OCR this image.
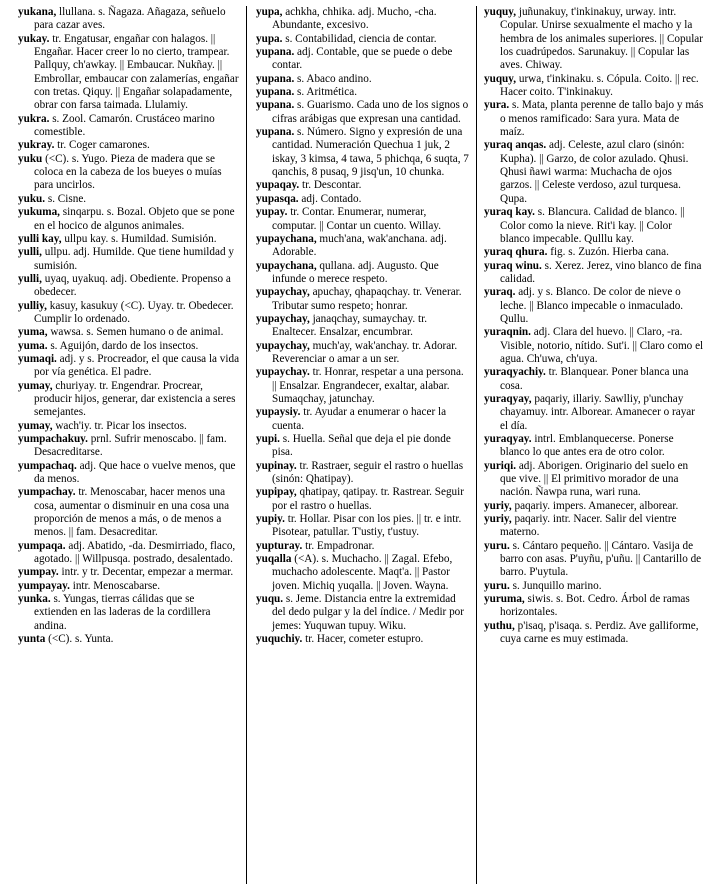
yukana, llullana. s. Ñagaza. Añagaza, señuelo para cazar aves.

yukay. tr. Engatusar, engañar con halagos. || Engañar. Hacer creer lo no cierto, trampear. Pallquy, ch'awkay. || Embaucar. Nukñay. || Embrollar, embaucar con zalamerías, engañar con tretas. Qiquy. || Engañar solapadamente, obrar con farsa taimada. Llulamiy.

yukra. s. Zool. Camarón. Crustáceo marino comestible.

yukray. tr. Coger camarones.

yuku (<C). s. Yugo. Pieza de madera que se coloca en la cabeza de los bueyes o muías para uncirlos.

yuku. s. Cisne.

yukuma, sinqarpu. s. Bozal. Objeto que se pone en el hocico de algunos animales.

yulli kay, ullpu kay. s. Humildad. Sumisión.

yulli, ullpu. adj. Humilde. Que tiene humildad y sumisión.

yulli, uyaq, uyakuq. adj. Obediente. Propenso a obedecer.

yulliy, kasuy, kasukuy (<C). Uyay. tr. Obedecer. Cumplir lo ordenado.

yuma, wawsa. s. Semen humano o de animal.

yuma. s. Aguijón, dardo de los insectos.

yumaqi. adj. y s. Procreador, el que causa la vida por vía genética. El padre.

yumay, churiyay. tr. Engendrar. Procrear, producir hijos, generar, dar existencia a seres semejantes.

yumay, wach'iy. tr. Picar los insectos.

yumpachakuy. prnl. Sufrir menoscabo. || fam. Desacreditarse.

yumpachaq. adj. Que hace o vuelve menos, que da menos.

yumpachay. tr. Menoscabar, hacer menos una cosa, aumentar o disminuir en una cosa una proporción de menos a más, o de menos a menos. || fam. Desacreditar.

yumpaqa. adj. Abatido, -da. Desmirriado, flaco, agotado. || Willpusqa. postrado, desalentado.

yumpay. intr. y tr. Decentar, empezar a mermar.

yumpayay. intr. Menoscabarse.

yunka. s. Yungas, tierras cálidas que se extienden en las laderas de la cordillera andina.

yunta (<C). s. Yunta.

yupa, achkha, chhika. adj. Mucho, -cha. Abundante, excesivo.

yupa. s. Contabilidad, ciencia de contar.

yupana. adj. Contable, que se puede o debe contar.

yupana. s. Abaco andino.

yupana. s. Aritmética.

yupana. s. Guarismo. Cada uno de los signos o cifras arábigas que expresan una cantidad.

yupana. s. Número. Signo y expresión de una cantidad. Numeración Quechua 1 juk, 2 iskay, 3 kimsa, 4 tawa, 5 phichqa, 6 suqta, 7 qanchis, 8 pusaq, 9 jisq'un, 10 chunka.

yupaqay. tr. Descontar.

yupasqa. adj. Contado.

yupay. tr. Contar. Enumerar, numerar, computar. || Contar un cuento. Willay.

yupaychana, much'ana, wak'anchana. adj. Adorable.

yupaychana, qullana. adj. Augusto. Que infunde o merece respeto.

yupaychay, apuchay, qhapaqchay. tr. Venerar. Tributar sumo respeto; honrar.

yupaychay, janaqchay, sumaychay. tr. Enaltecer. Ensalzar, encumbrar.

yupaychay, much'ay, wak'anchay. tr. Adorar. Reverenciar o amar a un ser.

yupaychay. tr. Honrar, respetar a una persona. || Ensalzar. Engrandecer, exaltar, alabar. Sumaqchay, jatunchay.

yupaysiy. tr. Ayudar a enumerar o hacer la cuenta.

yupi. s. Huella. Señal que deja el pie donde pisa.

yupinay. tr. Rastraer, seguir el rastro o huellas (sinón: Qhatipay).

yupipay, qhatipay, qatipay. tr. Rastrear. Seguir por el rastro o huellas.

yupiy. tr. Hollar. Pisar con los pies. || tr. e intr. Pisotear, patullar. T'ustiy, t'ustuy.

yupturay. tr. Empadronar.

yuqalla (<A). s. Muchacho. || Zagal. Efebo, muchacho adolescente. Maqt'a. || Pastor joven. Michiq yuqalla. || Joven. Wayna.

yuqu. s. Jeme. Distancia entre la extremidad del dedo pulgar y la del índice. / Medir por jemes: Yuquwan tupuy. Wiku.

yuquchiy. tr. Hacer, cometer estupro.

yuquy, juñunakuy, t'inkinakuy, urway. intr. Copular. Unirse sexualmente el macho y la hembra de los animales superiores. || Copular los cuadrúpedos. Sarunakuy. || Copular las aves. Chiway.

yuquy, urwa, t'inkinaku. s. Cópula. Coito. || rec. Hacer coito. T'inkinakuy.

yura. s. Mata, planta perenne de tallo bajo y más o menos ramificado: Sara yura. Mata de maíz.

yuraq anqas. adj. Celeste, azul claro (sinón: Kupha). || Garzo, de color azulado. Qhusi. Qhusi ñawi warma: Muchacha de ojos garzos. || Celeste verdoso, azul turquesa. Qupa.

yuraq kay. s. Blancura. Calidad de blanco. || Color como la nieve. Rit'i kay. || Color blanco impecable. Qulllu kay.

yuraq qhura. fig. s. Zuzón. Hierba cana.

yuraq winu. s. Xerez. Jerez, vino blanco de fina calidad.

yuraq. adj. y s. Blanco. De color de nieve o leche. || Blanco impecable o inmaculado. Qullu.

yuraqnin. adj. Clara del huevo. || Claro, -ra. Visible, notorio, nítido. Sut'i. || Claro como el agua. Ch'uwa, ch'uya.

yuraqyachiy. tr. Blanquear. Poner blanca una cosa.

yuraqyay, paqariy, illariy. Sawlliy, p'unchay chayamuy. intr. Alborear. Amanecer o rayar el día.

yuraqyay. intrl. Emblanquecerse. Ponerse blanco lo que antes era de otro color.

yuriqi. adj. Aborigen. Originario del suelo en que vive. || El primitivo morador de una nación. Ñawpa runa, wari runa.

yuriy, paqariy. impers. Amanecer, alborear.

yuriy, paqariy. intr. Nacer. Salir del vientre materno.

yuru. s. Cántaro pequeño. || Cántaro. Vasija de barro con asas. P'uyñu, p'uñu. || Cantarillo de barro. P'uytula.

yuru. s. Junquillo marino.

yuruma, siwis. s. Bot. Cedro. Árbol de ramas horizontales.

yuthu, p'isaq, p'isaqa. s. Perdiz. Ave galliforme, cuya carne es muy estimada.
